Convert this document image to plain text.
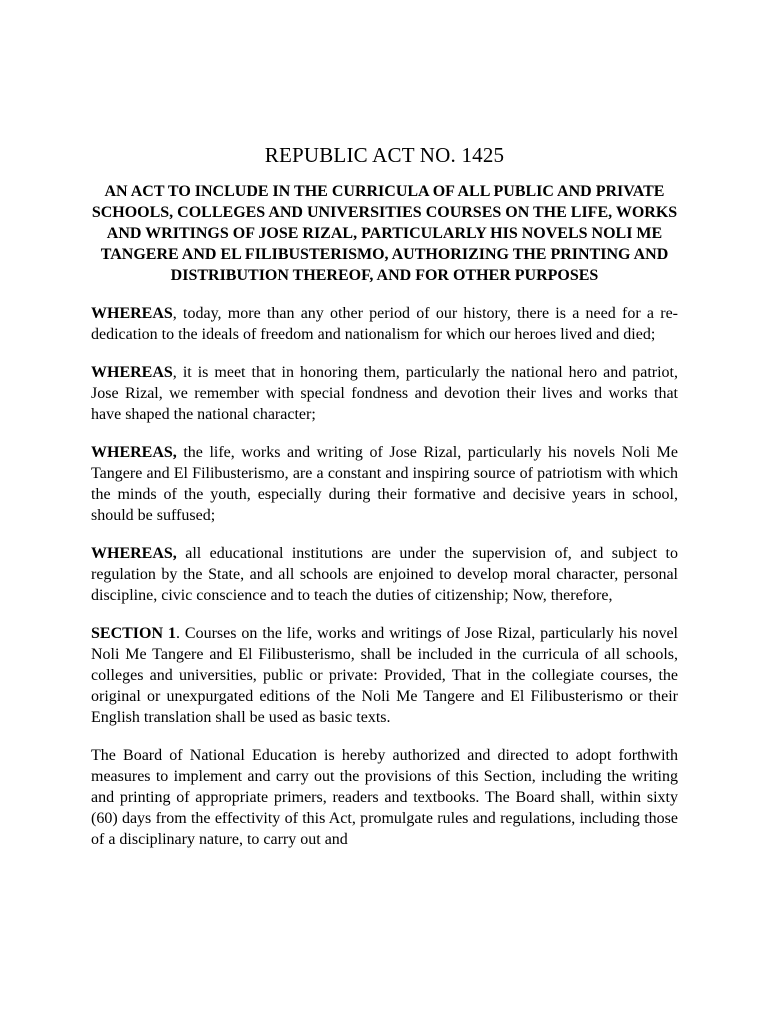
REPUBLIC ACT NO. 1425
AN ACT TO INCLUDE IN THE CURRICULA OF ALL PUBLIC AND PRIVATE SCHOOLS, COLLEGES AND UNIVERSITIES COURSES ON THE LIFE, WORKS AND WRITINGS OF JOSE RIZAL, PARTICULARLY HIS NOVELS NOLI ME TANGERE AND EL FILIBUSTERISMO, AUTHORIZING THE PRINTING AND DISTRIBUTION THEREOF, AND FOR OTHER PURPOSES

WHEREAS, today, more than any other period of our history, there is a need for a re-dedication to the ideals of freedom and nationalism for which our heroes lived and died;

WHEREAS, it is meet that in honoring them, particularly the national hero and patriot, Jose Rizal, we remember with special fondness and devotion their lives and works that have shaped the national character;

WHEREAS, the life, works and writing of Jose Rizal, particularly his novels Noli Me Tangere and El Filibusterismo, are a constant and inspiring source of patriotism with which the minds of the youth, especially during their formative and decisive years in school, should be suffused;

WHEREAS, all educational institutions are under the supervision of, and subject to regulation by the State, and all schools are enjoined to develop moral character, personal discipline, civic conscience and to teach the duties of citizenship; Now, therefore,

SECTION 1. Courses on the life, works and writings of Jose Rizal, particularly his novel Noli Me Tangere and El Filibusterismo, shall be included in the curricula of all schools, colleges and universities, public or private: Provided, That in the collegiate courses, the original or unexpurgated editions of the Noli Me Tangere and El Filibusterismo or their English translation shall be used as basic texts.

The Board of National Education is hereby authorized and directed to adopt forthwith measures to implement and carry out the provisions of this Section, including the writing and printing of appropriate primers, readers and textbooks. The Board shall, within sixty (60) days from the effectivity of this Act, promulgate rules and regulations, including those of a disciplinary nature, to carry out and
